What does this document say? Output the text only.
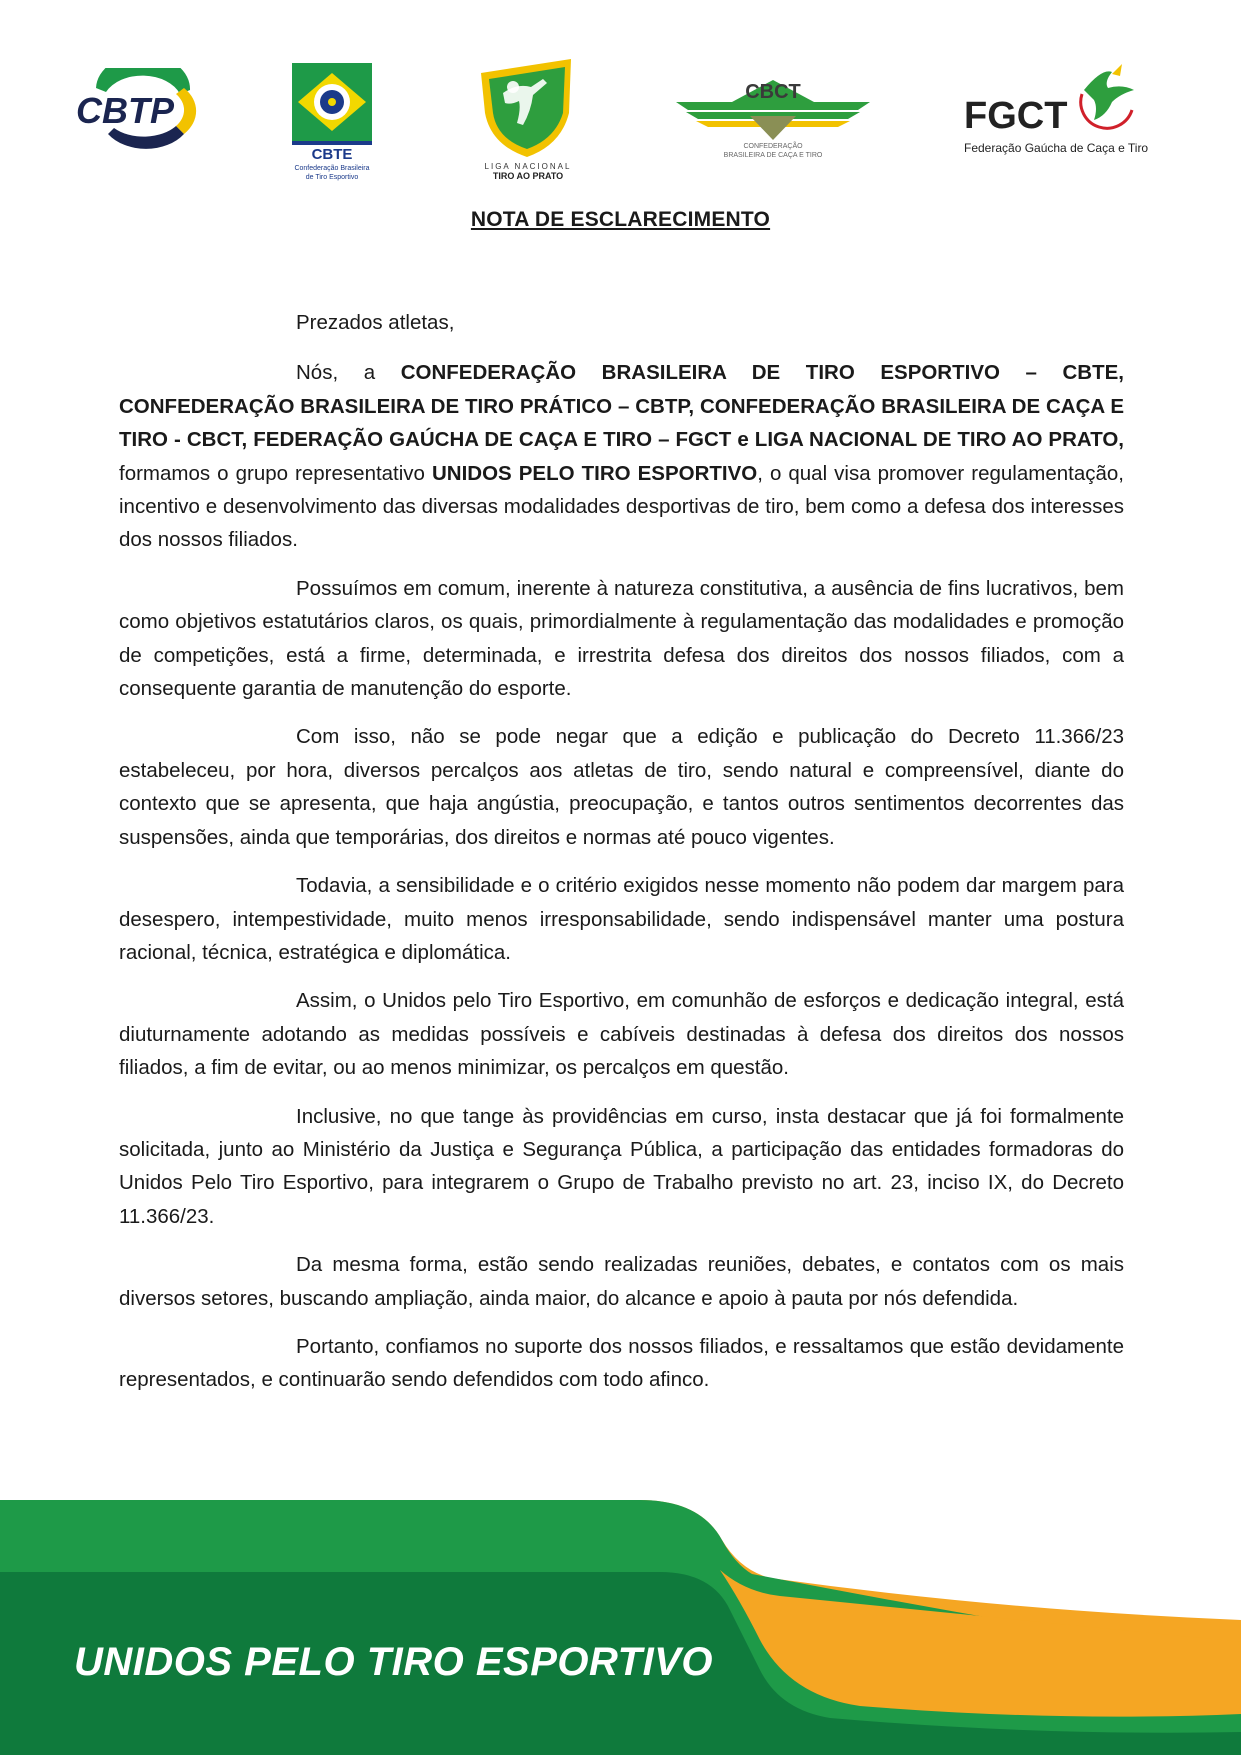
CBTP
CBTE
Confederação Brasileira
de Tiro Esportivo
LIGA NACIONAL
TIRO AO PRATO
CBCT
CONFEDERAÇÃO
BRASILEIRA DE CAÇA E TIRO
FGCT
Federação Gaúcha de Caça e Tiro
NOTA DE ESCLARECIMENTO

Prezados atletas,

Nós, a CONFEDERAÇÃO BRASILEIRA DE TIRO ESPORTIVO – CBTE, CONFEDERAÇÃO BRASILEIRA DE TIRO PRÁTICO – CBTP, CONFEDERAÇÃO BRASILEIRA DE CAÇA E TIRO - CBCT, FEDERAÇÃO GAÚCHA DE CAÇA E TIRO – FGCT e LIGA NACIONAL DE TIRO AO PRATO, formamos o grupo representativo UNIDOS PELO TIRO ESPORTIVO, o qual visa promover regulamentação, incentivo e desenvolvimento das diversas modalidades desportivas de tiro, bem como a defesa dos interesses dos nossos filiados.

Possuímos em comum, inerente à natureza constitutiva, a ausência de fins lucrativos, bem como objetivos estatutários claros, os quais, primordialmente à regulamentação das modalidades e promoção de competições, está a firme, determinada, e irrestrita defesa dos direitos dos nossos filiados, com a consequente garantia de manutenção do esporte.

Com isso, não se pode negar que a edição e publicação do Decreto 11.366/23 estabeleceu, por hora, diversos percalços aos atletas de tiro, sendo natural e compreensível, diante do contexto que se apresenta, que haja angústia, preocupação, e tantos outros sentimentos decorrentes das suspensões, ainda que temporárias, dos direitos e normas até pouco vigentes.

Todavia, a sensibilidade e o critério exigidos nesse momento não podem dar margem para desespero, intempestividade, muito menos irresponsabilidade, sendo indispensável manter uma postura racional, técnica, estratégica e diplomática.

Assim, o Unidos pelo Tiro Esportivo, em comunhão de esforços e dedicação integral, está diuturnamente adotando as medidas possíveis e cabíveis destinadas à defesa dos direitos dos nossos filiados, a fim de evitar, ou ao menos minimizar, os percalços em questão.

Inclusive, no que tange às providências em curso, insta destacar que já foi formalmente solicitada, junto ao Ministério da Justiça e Segurança Pública, a participação das entidades formadoras do Unidos Pelo Tiro Esportivo, para integrarem o Grupo de Trabalho previsto no art. 23, inciso IX, do Decreto 11.366/23.

Da mesma forma, estão sendo realizadas reuniões, debates, e contatos com os mais diversos setores, buscando ampliação, ainda maior, do alcance e apoio à pauta por nós defendida.

Portanto, confiamos no suporte dos nossos filiados, e ressaltamos que estão devidamente representados, e continuarão sendo defendidos com todo afinco.

UNIDOS PELO TIRO ESPORTIVO
